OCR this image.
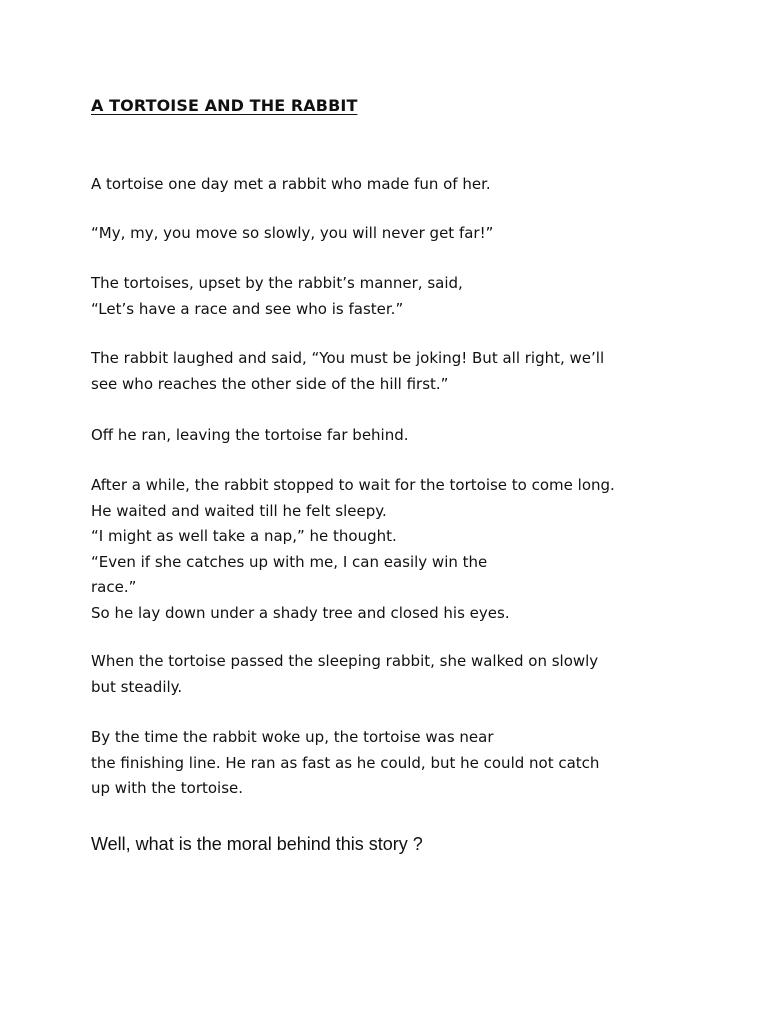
A TORTOISE AND THE RABBIT

A tortoise one day met a rabbit who made fun of her.

“My, my, you move so slowly, you will never get far!”

The tortoises, upset by the rabbit’s manner, said,
“Let’s have a race and see who is faster.”

The rabbit laughed and said, “You must be joking! But all right, we’ll
see who reaches the other side of the hill first.”

Off he ran, leaving the tortoise far behind.

After a while, the rabbit stopped to wait for the tortoise to come long.
He waited and waited till he felt sleepy.
“I might as well take a nap,” he thought.
“Even if she catches up with me, I can easily win the
race.”
So he lay down under a shady tree and closed his eyes.

When the tortoise passed the sleeping rabbit, she walked on slowly
but steadily.

By the time the rabbit woke up, the tortoise was near
the finishing line. He ran as fast as he could, but he could not catch
up with the tortoise.

Well, what is the moral behind this story ?
